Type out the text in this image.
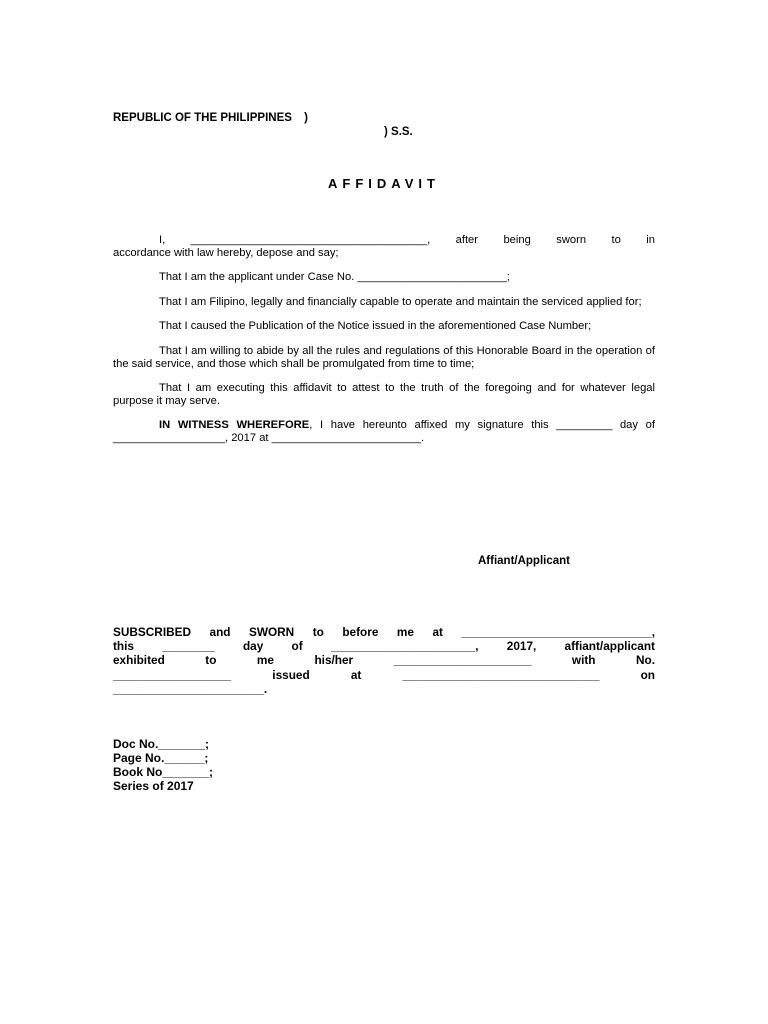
REPUBLIC OF THE PHILIPPINES )
) S.S.
AFFIDAVIT

I, ______________________________________, after being sworn to in

accordance with law hereby, depose and say;

That I am the applicant under Case No. ________________________;

That I am Filipino, legally and financially capable to operate and maintain the serviced applied for;

That I caused the Publication of the Notice issued in the aforementioned Case Number;

That I am willing to abide by all the rules and regulations of this Honorable Board in the operation of the said service, and those which shall be promulgated from time to time;

That I am executing this affidavit to attest to the truth of the foregoing and for whatever legal purpose it may serve.

IN WITNESS WHEREFORE, I have hereunto affixed my signature this _________ day of __________________, 2017 at ________________________.

Affiant/Applicant
SUBSCRIBED and SWORN to before me at _____________________________,
this ________ day of ______________________, 2017, affiant/applicant
exhibited to me his/her _____________________ with No.
__________________ issued at ______________________________ on
_______________________.
Doc No._______;
Page No.______;
Book No_______;
Series of 2017
